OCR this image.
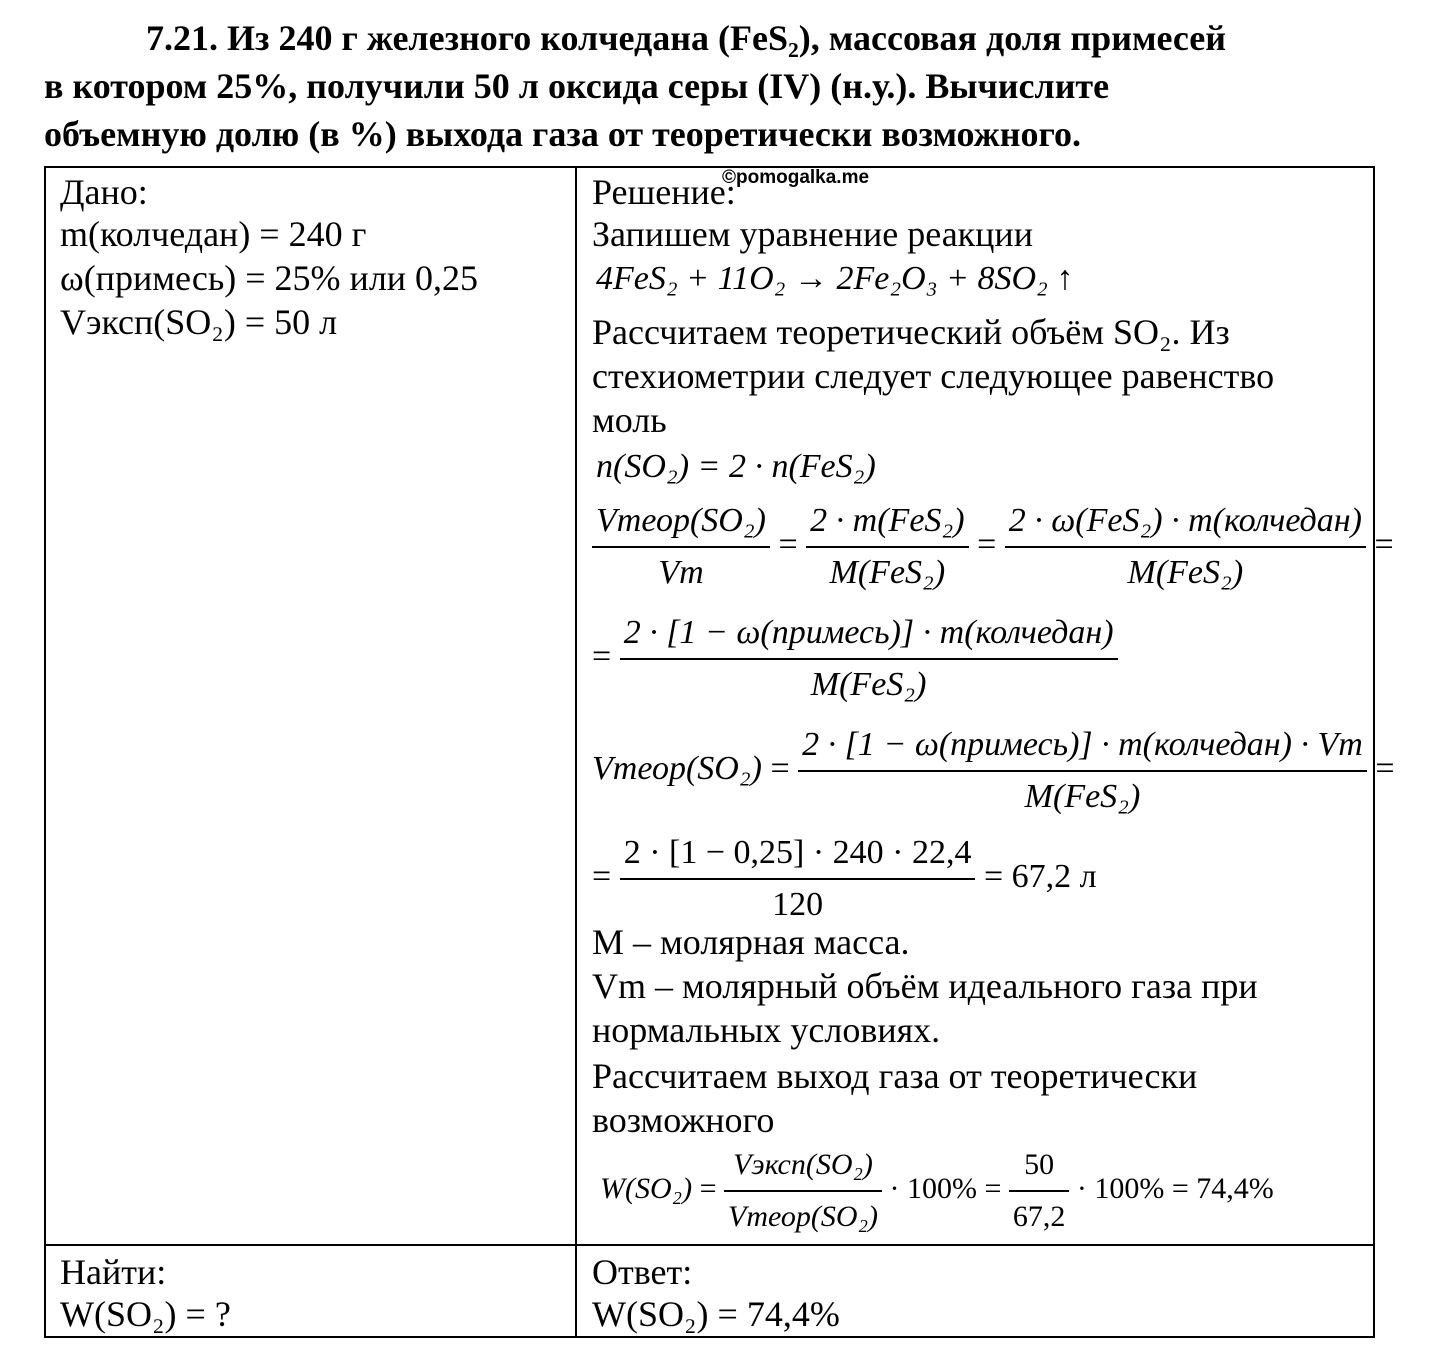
7.21. Из 240 г железного колчедана (FeS₂), массовая доля примесей
в котором 25%, получили 50 л оксида серы (IV) (н.у.). Вычислите
объемную долю (в %) выхода газа от теоретически возможного.
©pomogalka.me
Дано:
m(колчедан) = 240 г
ω(примесь) = 25% или 0,25
Vэксп(SO₂) = 50 л
Найти:
W(SO₂) = ?
Решение:
Запишем уравнение реакции
4FeS₂ + 11O₂ → 2Fe₂O₃ + 8SO₂ ↑
Рассчитаем теоретический объём SO₂. Из
стехиометрии следует следующее равенство
моль
n(SO₂) = 2 · n(FeS₂)
$\frac{\text{Vтеор(SO₂)}}{Vm} = \frac{\text{2 · m(FeS₂)}}{\text{M(FeS₂)}} = \frac{\text{2 · ω(FeS₂) · m(колчедан)}}{\text{M(FeS₂)}}$ =
= $\frac{\text{2 · [1 − ω(примесь)] · m(колчедан)}}{\text{M(FeS₂)}}$
Vтеор(SO₂) = $\frac{\text{2 · [1 − ω(примесь)] · m(колчедан) · Vm}}{\text{M(FeS₂)}}$ =
= $\frac{2 \cdot [1 - 0,25] \cdot 240 \cdot 22,4}{120} = 67,2$ л
M – молярная масса.
Vm – молярный объём идеального газа при
нормальных условиях.
Рассчитаем выход газа от теоретически
возможного
$W(SO_2) = \frac{\text{Vэксп(SO₂)}}{\text{Vтеор(SO₂)}} \cdot 100\% = \frac{50}{67,2} \cdot 100\% = 74,4\%$
Ответ:
W(SO₂) = 74,4%
